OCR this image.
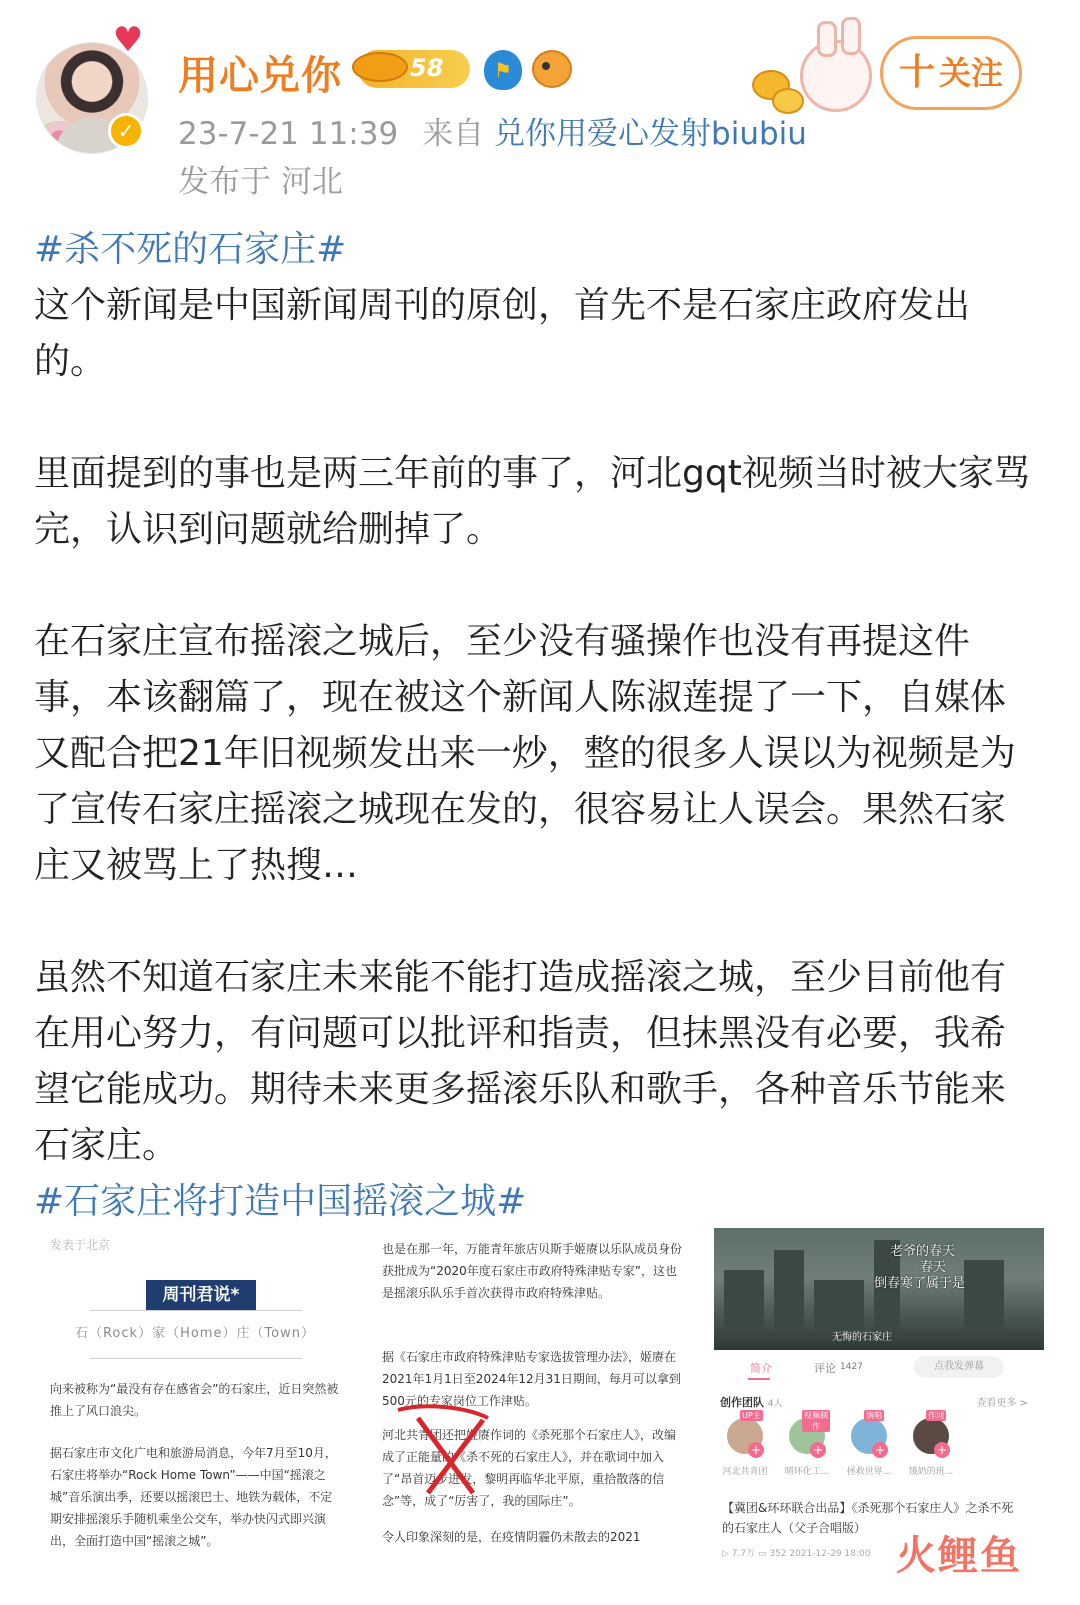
♥
✓
用心兑你	58	⚑	十 关注
23-7-21 11:39 来自 兑你用爱心发射biubiu
发布于 河北

#杀不死的石家庄#

这个新闻是中国新闻周刊的原创，首先不是石家庄政府发出的。

里面提到的事也是两三年前的事了，河北gqt视频当时被大家骂完，认识到问题就给删掉了。

在石家庄宣布摇滚之城后，至少没有骚操作也没有再提这件事，本该翻篇了，现在被这个新闻人陈淑莲提了一下，自媒体又配合把21年旧视频发出来一炒，整的很多人误以为视频是为了宣传石家庄摇滚之城现在发的，很容易让人误会。果然石家庄又被骂上了热搜…

虽然不知道石家庄未来能不能打造成摇滚之城，至少目前他有在用心努力，有问题可以批评和指责，但抹黑没有必要，我希望它能成功。期待未来更多摇滚乐队和歌手，各种音乐节能来石家庄。

#石家庄将打造中国摇滚之城#

发表于北京
周刊君说*
石（Rock）家（Home）庄（Town）
向来被称为“最没有存在感省会”的石家庄，近日突然被推上了风口浪尖。
据石家庄市文化广电和旅游局消息，今年7月至10月，石家庄将举办“Rock Home Town”——中国“摇滚之城”音乐演出季，还要以摇滚巴士、地铁为载体，不定期安排摇滚乐手随机乘坐公交车，举办快闪式即兴演出，全面打造中国“摇滚之城”。
也是在那一年，万能青年旅店贝斯手姬赓以乐队成员身份获批成为“2020年度石家庄市政府特殊津贴专家”，这也是摇滚乐队乐手首次获得市政府特殊津贴。
据《石家庄市政府特殊津贴专家选拔管理办法》，姬赓在2021年1月1日至2024年12月31日期间，每月可以拿到500元的专家岗位工作津贴。
河北共青团还把姬赓作词的《杀死那个石家庄人》，改编成了正能量的《杀不死的石家庄人》，并在歌词中加入了“昂首迈步进发，黎明再临华北平原，重拾散落的信念”等，成了“厉害了，我的国际庄”。
令人印象深刻的是，在疫情阴霾仍未散去的2021
老爷的春天
春天
倒春寒了属于是
无悔的石家庄
简介	评论 1427	点我发弹幕
创作团队 4人	查看更多 >
+
UP主
河北共青团
+
视频制作
晴环化工...
+
演唱
拯救世界...
+
作词
饿奶的班...
【冀团&环环联合出品】《杀死那个石家庄人》之杀不死的石家庄人（父子合唱版）
▷ 7.7万 ▭ 352 2021-12-29 18:00 火鲤鱼
